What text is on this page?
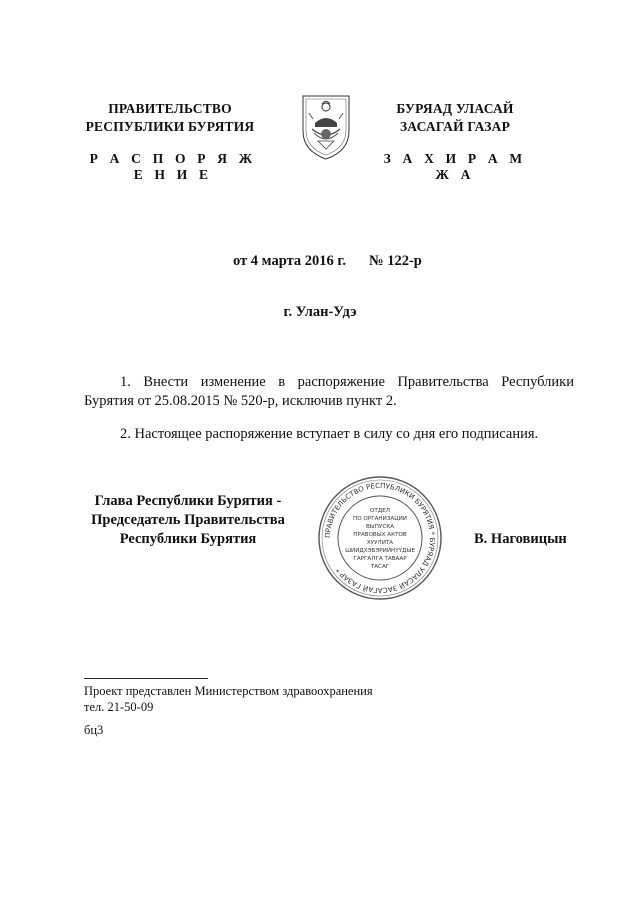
ПРАВИТЕЛЬСТВО
РЕСПУБЛИКИ БУРЯТИЯ
Р А С П О Р Я Ж Е Н И Е
БУРЯАД УЛАСАЙ
ЗАСАГАЙ ГАЗАР
З А Х И Р А М Ж А
от 4 марта 2016 г. № 122-р
г. Улан-Удэ
1. Внести изменение в распоряжение Правительства Республики Бурятия от 25.08.2015 № 520-р, исключив пункт 2.
2. Настоящее распоряжение вступает в силу со дня его подписания.
Глава Республики Бурятия -
Председатель Правительства
Республики Бурятия	В. Наговицын
ПРАВИТЕЛЬСТВО РЕСПУБЛИКИ БУРЯТИЯ * БУРЯАД УЛАСАЙ ЗАСАГАЙ ГАЗАР *
ОТДЕЛ
ПО ОРГАНИЗАЦИИ
ВЫПУСКА
ПРАВОВЫХ АКТОВ
ХУУЛИТА
ШИИДХЭБЭРИЙНҮҮДЫЕ
ГАРГАЛГА ТАВААР
ТАСАГ
Проект представлен Министерством здравоохранения
тел. 21-50-09
бц3
